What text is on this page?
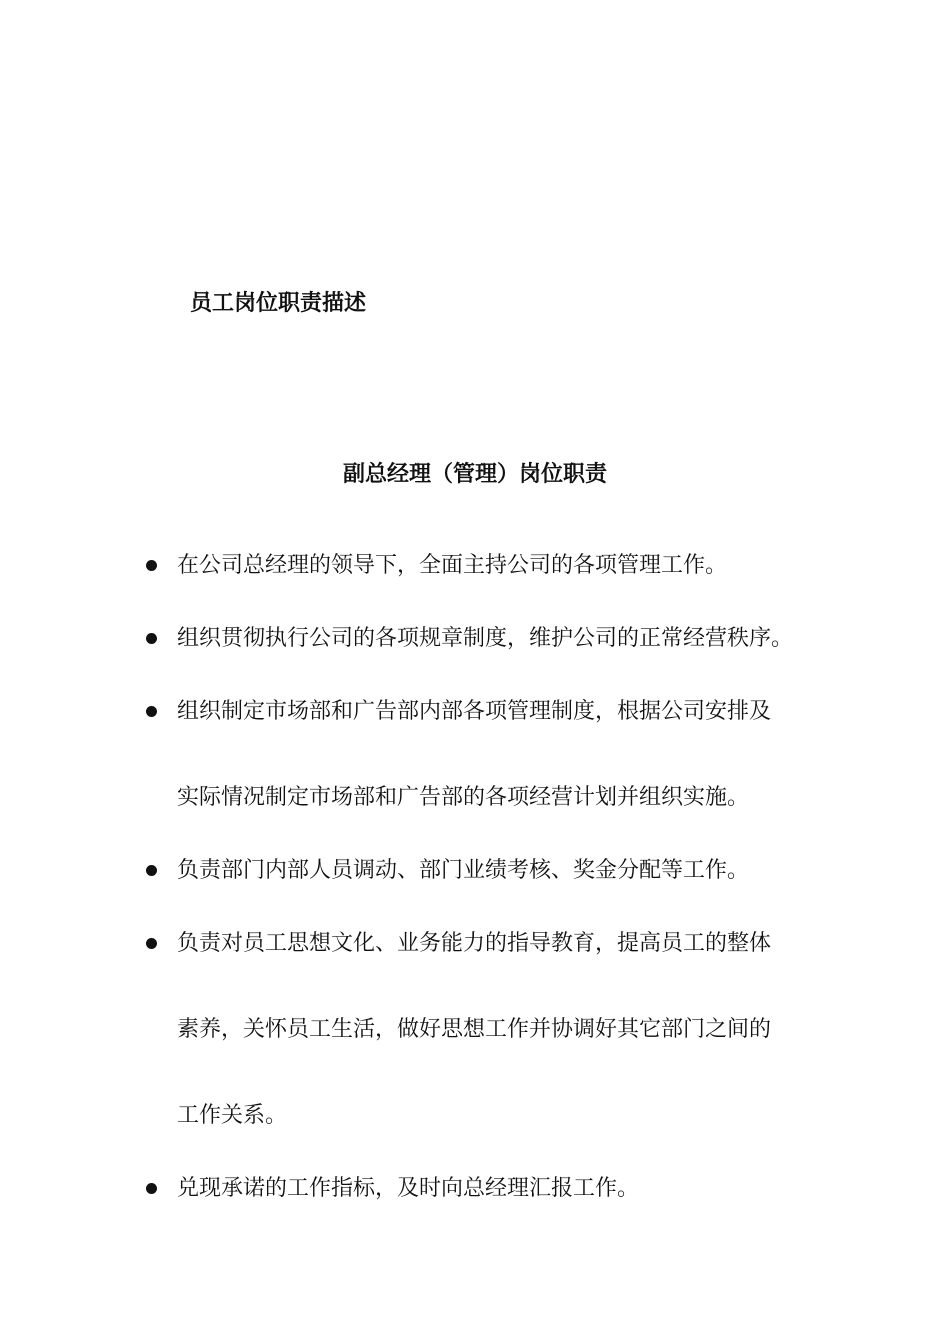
员工岗位职责描述
副总经理（管理）岗位职责
在公司总经理的领导下，全面主持公司的各项管理工作。
组织贯彻执行公司的各项规章制度，维护公司的正常经营秩序。
组织制定市场部和广告部内部各项管理制度，根据公司安排及
实际情况制定市场部和广告部的各项经营计划并组织实施。
负责部门内部人员调动、部门业绩考核、奖金分配等工作。
负责对员工思想文化、业务能力的指导教育，提高员工的整体
素养，关怀员工生活，做好思想工作并协调好其它部门之间的
工作关系。
兑现承诺的工作指标，及时向总经理汇报工作。
